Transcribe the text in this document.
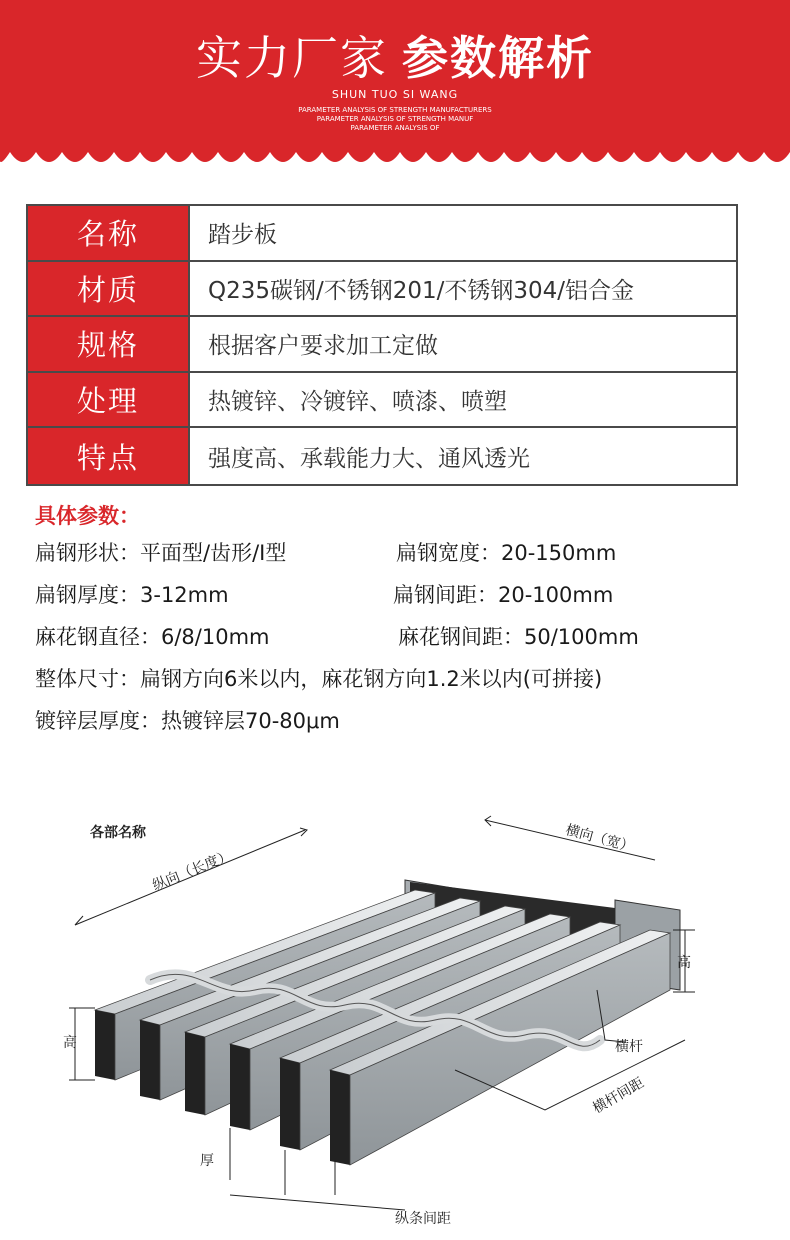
实力厂家 参数解析
SHUN TUO SI WANG
PARAMETER ANALYSIS OF STRENGTH MANUFACTURERS
PARAMETER ANALYSIS OF STRENGTH MANUF
PARAMETER ANALYSIS OF
名称	踏步板
材质	Q235碳钢/不锈钢201/不锈钢304/铝合金
规格	根据客户要求加工定做
处理	热镀锌、冷镀锌、喷漆、喷塑
特点	强度高、承载能力大、通风透光
具体参数：
扁钢形状：平面型/齿形/I型	扁钢宽度：20-150mm
扁钢厚度：3-12mm	扁钢间距：20-100mm
麻花钢直径：6/8/10mm	麻花钢间距：50/100mm
整体尺寸：扁钢方向6米以内，麻花钢方向1.2米以内(可拼接)
镀锌层厚度：热镀锌层70-80μm
各部名称
纵向（长度）
横向（宽）
高
高	横杆
横杆间距
厚
纵条间距
